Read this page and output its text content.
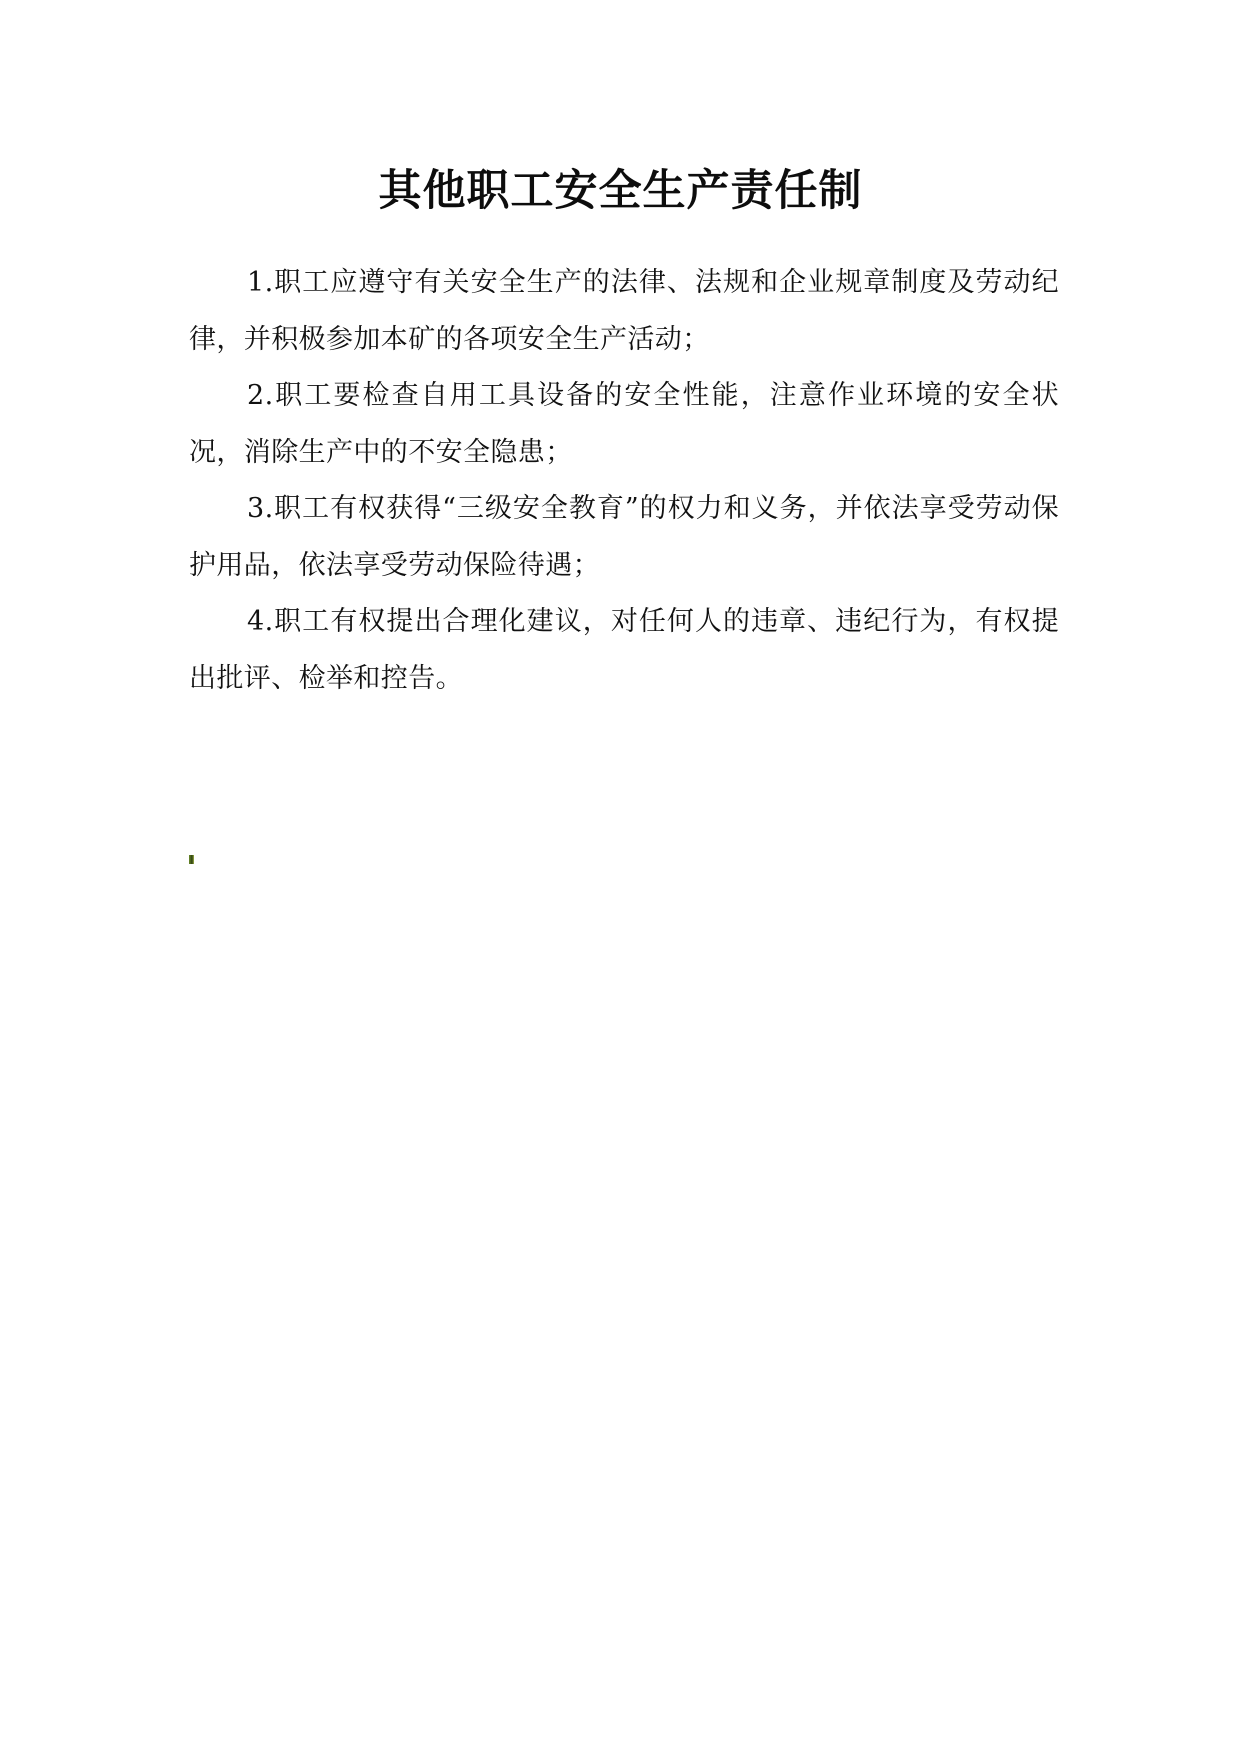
其他职工安全生产责任制

1.职工应遵守有关安全生产的法律、法规和企业规章制度及劳动纪律，并积极参加本矿的各项安全生产活动；

2.职工要检查自用工具设备的安全性能，注意作业环境的安全状况，消除生产中的不安全隐患；

3.职工有权获得“三级安全教育”的权力和义务，并依法享受劳动保护用品，依法享受劳动保险待遇；

4.职工有权提出合理化建议，对任何人的违章、违纪行为，有权提出批评、检举和控告。
